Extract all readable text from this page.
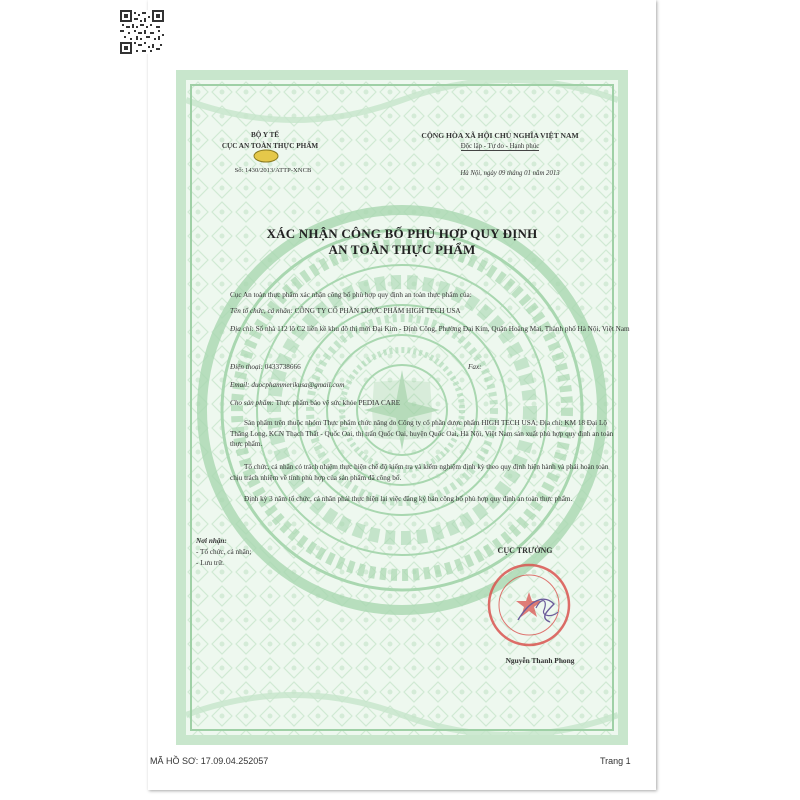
BỘ Y TẾ
CỤC AN TOÀN THỰC PHẨM
Số: 1430/2013/ATTP-XNCB
CỘNG HÒA XÃ HỘI CHỦ NGHĨA VIỆT NAM
Độc lập - Tự do - Hạnh phúc
Hà Nội, ngày 09 tháng 01 năm 2013
XÁC NHẬN CÔNG BỐ PHÙ HỢP QUY ĐỊNH
AN TOÀN THỰC PHẨM
Cục An toàn thực phẩm xác nhận công bố phù hợp quy định an toàn thực phẩm của:
Tên tổ chức, cá nhân: CÔNG TY CỔ PHẦN DƯỢC PHẨM HIGH TECH USA
Địa chỉ: Số nhà 112 lô C2 liền kề khu đô thị mới Đại Kim - Định Công, Phường Đại Kim, Quận Hoàng Mai, Thành phố Hà Nội, Việt Nam
Điện thoại: 0433738666	Fax:
Email: duocphammerikusa@gmail.com
Cho sản phẩm: Thực phẩm bảo vệ sức khỏe PEDIA CARE
Sản phẩm trên thuộc nhóm Thực phẩm chức năng do Công ty cổ phần dược phẩm HIGH TECH USA; Địa chỉ: KM 18 Đại Lộ Thăng Long, KCN Thạch Thất - Quốc Oai, thị trấn Quốc Oai, huyện Quốc Oai, Hà Nội, Việt Nam sản xuất phù hợp quy định an toàn thực phẩm.
Tổ chức, cá nhân có trách nhiệm thực hiện chế độ kiểm tra và kiểm nghiệm định kỳ theo quy định hiện hành và phải hoàn toàn chịu trách nhiệm về tính phù hợp của sản phẩm đã công bố.
Định kỳ 3 năm tổ chức, cá nhân phải thực hiện lại việc đăng ký bản công bố phù hợp quy định an toàn thực phẩm.
Nơi nhận:
- Tổ chức, cá nhân;
- Lưu trữ.
CỤC TRƯỞNG
Nguyễn Thanh Phong
MÃ HỒ SƠ: 17.09.04.252057	Trang 1
